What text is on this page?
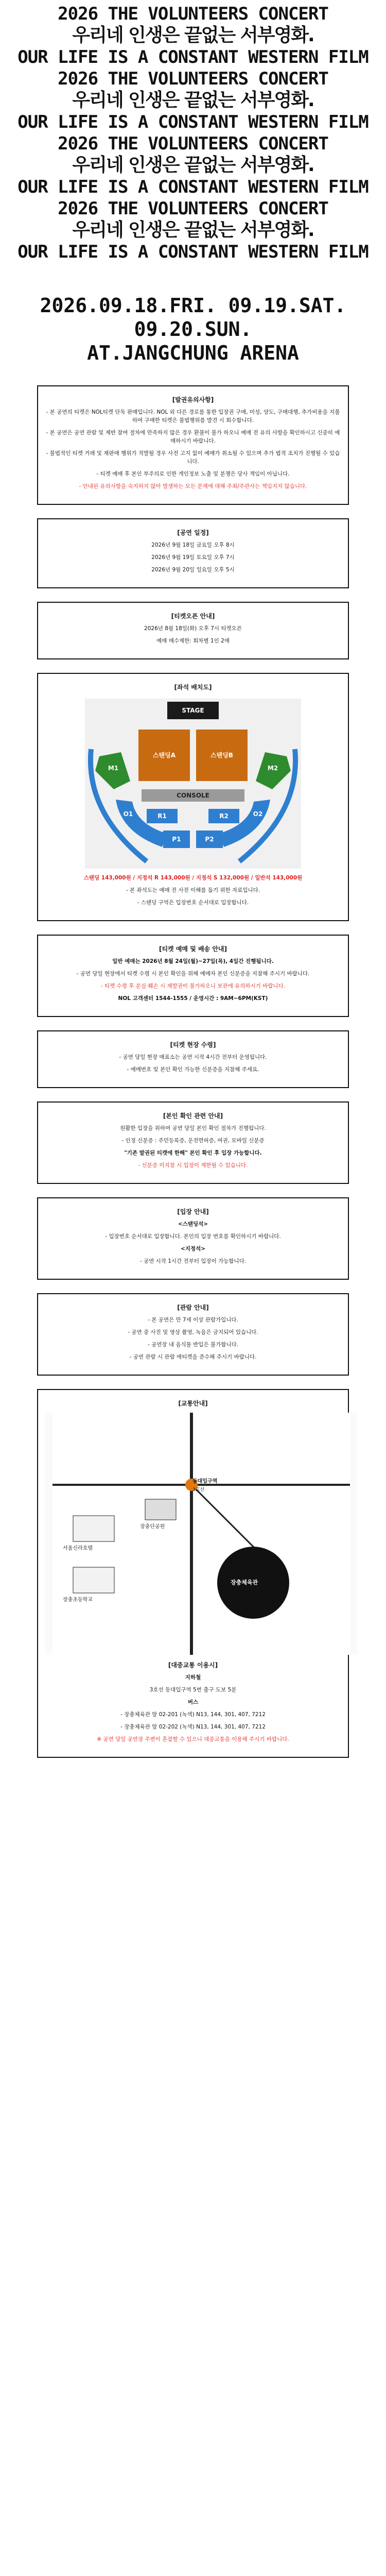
2026 THE VOLUNTEERS CONCERT
우리네 인생은 끝없는 서부영화.
OUR LIFE IS A CONSTANT WESTERN FILM
2026 THE VOLUNTEERS CONCERT
우리네 인생은 끝없는 서부영화.
OUR LIFE IS A CONSTANT WESTERN FILM
2026 THE VOLUNTEERS CONCERT
우리네 인생은 끝없는 서부영화.
OUR LIFE IS A CONSTANT WESTERN FILM
2026 THE VOLUNTEERS CONCERT
우리네 인생은 끝없는 서부영화.
OUR LIFE IS A CONSTANT WESTERN FILM
2026.09.18.FRI. 09.19.SAT. 09.20.SUN.
AT.JANGCHUNG ARENA
[발권유의사항]

- 본 공연의 티켓은 NOL티켓 단독 판매입니다. NOL 외 다른 경로를 통한 입장권 구매, 미성, 양도, 구매대행, 추가비용을 지불하여 구매한 티켓은 불법행위를 발견 시 회수합니다.

- 본 공연은 공연 관람 및 제반 참여 절차에 만족하지 않은 경우 환불이 불가 하오니 예매 전 유의 사항을 확인하시고 신중히 예매하시기 바랍니다.

- 불법적인 티켓 거래 및 재판매 행위가 적발될 경우 사전 고지 없이 예매가 취소될 수 있으며 추가 법적 조치가 진행될 수 있습니다.

- 티켓 예매 후 본인 부주의로 인한 개인정보 노출 및 분쟁은 당사 책임이 아닙니다.

- 안내된 유의사항을 숙지하지 않아 발생하는 모든 문제에 대해 주최/주관사는 책임지지 않습니다.

[공연 일정]

2026년 9월 18일 금요일 오후 8시

2026년 9월 19일 토요일 오후 7시

2026년 9월 20일 일요일 오후 5시

[티켓오픈 안내]

2026년 8월 18일(화) 오후 7시 티켓오픈

예매 매수제한: 회차별 1인 2매

[좌석 배치도]
STAGE
스탠딩A	스탠딩B
CONSOLE
M1	M2
O1	O2
R1	R2
P1	P2

스탠딩 143,000원 / 지정석 R 143,000원 / 지정석 S 132,000원 / 일반석 143,000원

- 본 좌석도는 예매 전 사전 이해를 돕기 위한 자료입니다.

- 스탠딩 구역은 입장번호 순서대로 입장합니다.

[티켓 예매 및 배송 안내]

일반 예매는 2026년 8월 24일(월)~27일(목), 4일간 진행됩니다.

- 공연 당일 현장에서 티켓 수령 시 본인 확인을 위해 예매자 본인 신분증을 지참해 주시기 바랍니다.

- 티켓 수령 후 분실·훼손 시 재발권이 불가하오니 보관에 유의하시기 바랍니다.

NOL 고객센터 1544-1555 / 운영시간 : 9AM~6PM(KST)

[티켓 현장 수령]

- 공연 당일 현장 매표소는 공연 시작 4시간 전부터 운영됩니다.

- 예매번호 및 본인 확인 가능한 신분증을 지참해 주세요.

[본인 확인 관련 안내]

원활한 입장을 위하여 공연 당일 본인 확인 절차가 진행됩니다.

- 인정 신분증 : 주민등록증, 운전면허증, 여권, 모바일 신분증

"기존 발권된 티켓에 한해" 본인 확인 후 입장 가능합니다.

- 신분증 미지참 시 입장이 제한될 수 있습니다.

[입장 안내]

<스탠딩석>

- 입장번호 순서대로 입장합니다. 본인의 입장 번호를 확인하시기 바랍니다.

<지정석>

- 공연 시작 1시간 전부터 입장이 가능합니다.

[관람 안내]

- 본 공연은 만 7세 이상 관람가입니다.

- 공연 중 사진 및 영상 촬영, 녹음은 금지되어 있습니다.

- 공연장 내 음식물 반입은 불가합니다.

- 공연 관람 시 관람 에티켓을 준수해 주시기 바랍니다.

[교통안내]
동대입구역
3호선
장충단공원
장충체육관
서울신라호텔
장충초등학교
[대중교통 이용시]

지하철

3호선 동대입구역 5번 출구 도보 5분

버스

- 장충체육관 앞 02-201 (녹색) N13, 144, 301, 407, 7212

- 장충체육관 앞 02-202 (녹색) N13, 144, 301, 407, 7212

※ 공연 당일 공연장 주변이 혼잡할 수 있으니 대중교통을 이용해 주시기 바랍니다.
